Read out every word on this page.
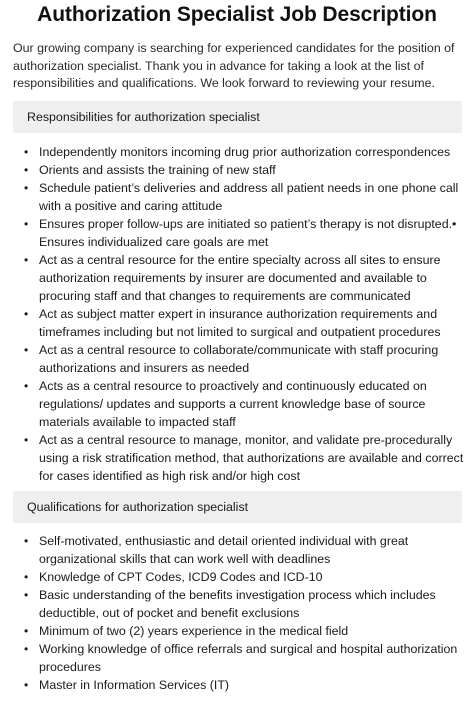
Authorization Specialist Job Description

Our growing company is searching for experienced candidates for the position of authorization specialist. Thank you in advance for taking a look at the list of responsibilities and qualifications. We look forward to reviewing your resume.

Responsibilities for authorization specialist
• Independently monitors incoming drug prior authorization correspondences
• Orients and assists the training of new staff
• Schedule patient’s deliveries and address all patient needs in one phone call with a positive and caring attitude
• Ensures proper follow-ups are initiated so patient’s therapy is not disrupted.• Ensures individualized care goals are met
• Act as a central resource for the entire specialty across all sites to ensure authorization requirements by insurer are documented and available to procuring staff and that changes to requirements are communicated
• Act as subject matter expert in insurance authorization requirements and timeframes including but not limited to surgical and outpatient procedures
• Act as a central resource to collaborate/communicate with staff procuring authorizations and insurers as needed
• Acts as a central resource to proactively and continuously educated on regulations/ updates and supports a current knowledge base of source materials available to impacted staff
• Act as a central resource to manage, monitor, and validate pre-procedurally using a risk stratification method, that authorizations are available and correct for cases identified as high risk and/or high cost
Qualifications for authorization specialist
• Self-motivated, enthusiastic and detail oriented individual with great organizational skills that can work well with deadlines
• Knowledge of CPT Codes, ICD9 Codes and ICD-10
• Basic understanding of the benefits investigation process which includes deductible, out of pocket and benefit exclusions
• Minimum of two (2) years experience in the medical field
• Working knowledge of office referrals and surgical and hospital authorization procedures
• Master in Information Services (IT)
